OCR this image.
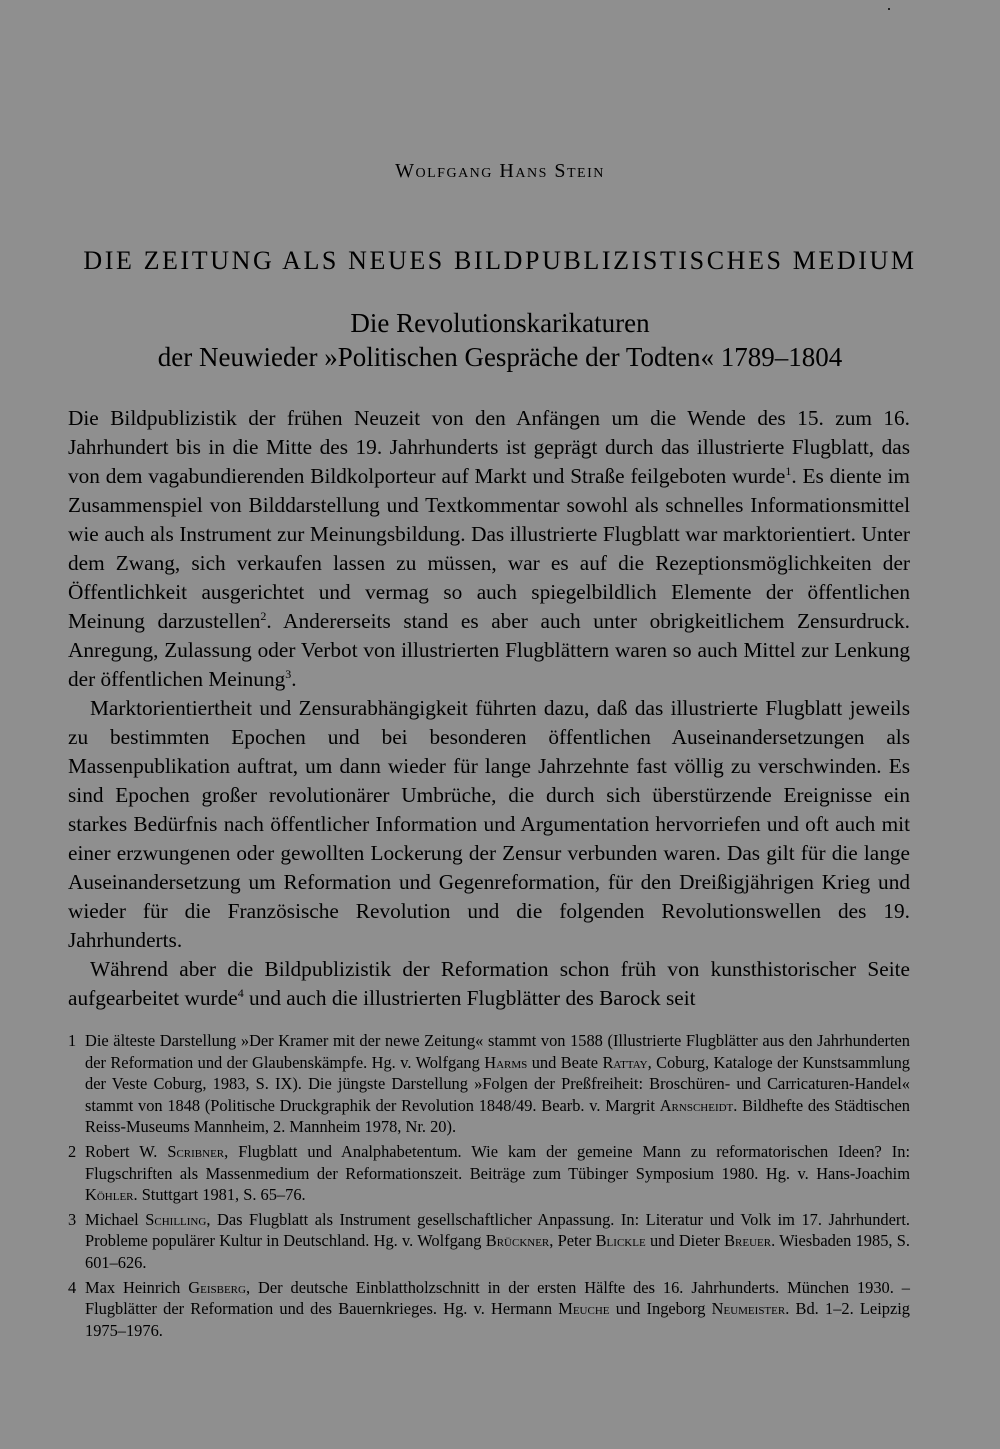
Wolfgang Hans Stein
DIE ZEITUNG ALS NEUES BILDPUBLIZISTISCHES MEDIUM
Die Revolutionskarikaturen
der Neuwieder »Politischen Gespräche der Todten« 1789–1804

Die Bildpublizistik der frühen Neuzeit von den Anfängen um die Wende des 15. zum 16. Jahrhundert bis in die Mitte des 19. Jahrhunderts ist geprägt durch das illustrierte Flugblatt, das von dem vagabundierenden Bildkolporteur auf Markt und Straße feilgeboten wurde$^1$. Es diente im Zusammenspiel von Bilddarstellung und Textkommentar sowohl als schnelles Informationsmittel wie auch als Instrument zur Meinungsbildung. Das illustrierte Flugblatt war marktorientiert. Unter dem Zwang, sich verkaufen lassen zu müssen, war es auf die Rezeptionsmöglichkeiten der Öffentlichkeit ausgerichtet und vermag so auch spiegelbildlich Elemente der öffentlichen Meinung darzustellen$^2$. Andererseits stand es aber auch unter obrigkeitlichem Zensurdruck. Anregung, Zulassung oder Verbot von illustrierten Flugblättern waren so auch Mittel zur Lenkung der öffentlichen Meinung$^3$.

Marktorientiertheit und Zensurabhängigkeit führten dazu, daß das illustrierte Flugblatt jeweils zu bestimmten Epochen und bei besonderen öffentlichen Auseinandersetzungen als Massenpublikation auftrat, um dann wieder für lange Jahrzehnte fast völlig zu verschwinden. Es sind Epochen großer revolutionärer Umbrüche, die durch sich überstürzende Ereignisse ein starkes Bedürfnis nach öffentlicher Information und Argumentation hervorriefen und oft auch mit einer erzwungenen oder gewollten Lockerung der Zensur verbunden waren. Das gilt für die lange Auseinandersetzung um Reformation und Gegenreformation, für den Dreißigjährigen Krieg und wieder für die Französische Revolution und die folgenden Revolutionswellen des 19. Jahrhunderts.

Während aber die Bildpublizistik der Reformation schon früh von kunsthistorischer Seite aufgearbeitet wurde$^4$ und auch die illustrierten Flugblätter des Barock seit

1 Die älteste Darstellung »Der Kramer mit der newe Zeitung« stammt von 1588 (Illustrierte Flugblätter aus den Jahrhunderten der Reformation und der Glaubenskämpfe. Hg. v. Wolfgang Harms und Beate Rattay, Coburg, Kataloge der Kunstsammlung der Veste Coburg, 1983, S. IX). Die jüngste Darstellung »Folgen der Preßfreiheit: Broschüren- und Carricaturen-Handel« stammt von 1848 (Politische Druckgraphik der Revolution 1848/49. Bearb. v. Margrit Arnscheidt. Bildhefte des Städtischen Reiss-Museums Mannheim, 2. Mannheim 1978, Nr. 20).
2 Robert W. Scribner, Flugblatt und Analphabetentum. Wie kam der gemeine Mann zu reformatorischen Ideen? In: Flugschriften als Massenmedium der Reformationszeit. Beiträge zum Tübinger Symposium 1980. Hg. v. Hans-Joachim Köhler. Stuttgart 1981, S. 65–76.
3 Michael Schilling, Das Flugblatt als Instrument gesellschaftlicher Anpassung. In: Literatur und Volk im 17. Jahrhundert. Probleme populärer Kultur in Deutschland. Hg. v. Wolfgang Brückner, Peter Blickle und Dieter Breuer. Wiesbaden 1985, S. 601–626.
4 Max Heinrich Geisberg, Der deutsche Einblattholzschnitt in der ersten Hälfte des 16. Jahrhunderts. München 1930. – Flugblätter der Reformation und des Bauernkrieges. Hg. v. Hermann Meuche und Ingeborg Neumeister. Bd. 1–2. Leipzig 1975–1976.
